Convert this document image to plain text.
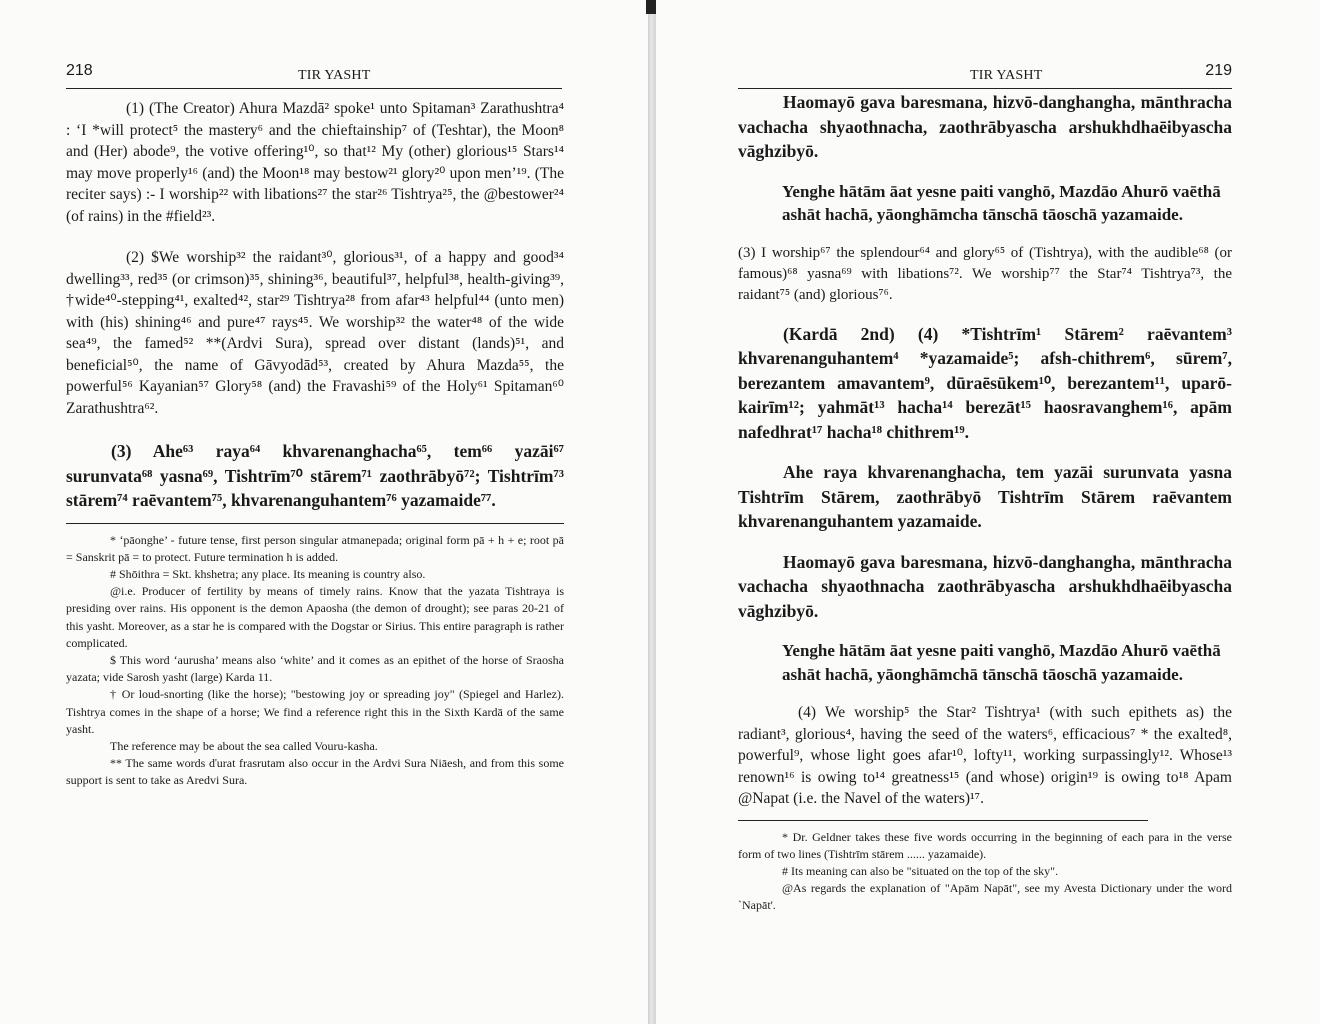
218	TIR YASHT

(1) (The Creator) Ahura Mazdā² spoke¹ unto Spitaman³ Zarathushtra⁴ : ‘I *will protect⁵ the mastery⁶ and the chieftainship⁷ of (Teshtar), the Moon⁸ and (Her) abode⁹, the votive offering¹⁰, so that¹² My (other) glorious¹⁵ Stars¹⁴ may move properly¹⁶ (and) the Moon¹⁸ may bestow²¹ glory²⁰ upon men’¹⁹. (The reciter says) :- I worship²² with libations²⁷ the star²⁶ Tishtrya²⁵, the @bestower²⁴ (of rains) in the #field²³.

(2) $We worship³² the raidant³⁰, glorious³¹, of a happy and good³⁴ dwelling³³, red³⁵ (or crimson)³⁵, shining³⁶, beautiful³⁷, helpful³⁸, health-giving³⁹, †wide⁴⁰-stepping⁴¹, exalted⁴², star²⁹ Tishtrya²⁸ from afar⁴³ helpful⁴⁴ (unto men) with (his) shining⁴⁶ and pure⁴⁷ rays⁴⁵. We worship³² the water⁴⁸ of the wide sea⁴⁹, the famed⁵² **(Ardvi Sura), spread over distant (lands)⁵¹, and beneficial⁵⁰, the name of Gāvyodād⁵³, created by Ahura Mazda⁵⁵, the powerful⁵⁶ Kayanian⁵⁷ Glory⁵⁸ (and) the Fravashi⁵⁹ of the Holy⁶¹ Spitaman⁶⁰ Zarathushtra⁶².

(3) Ahe⁶³ raya⁶⁴ khvarenanghacha⁶⁵, tem⁶⁶ yazāi⁶⁷ surunvata⁶⁸ yasna⁶⁹, Tishtrīm⁷⁰ stārem⁷¹ zaothrābyō⁷²; Tishtrīm⁷³ stārem⁷⁴ raēvantem⁷⁵, khvarenanguhantem⁷⁶ yazamaide⁷⁷.

* ‘pāonghe’ - future tense, first person singular atmanepada; original form pā + h + e; root pā = Sanskrit pā = to protect. Future termination h is added.
# Shōithra = Skt. khshetra; any place. Its meaning is country also.
@i.e. Producer of fertility by means of timely rains. Know that the yazata Tishtraya is presiding over rains. His opponent is the demon Apaosha (the demon of drought); see paras 20-21 of this yasht. Moreover, as a star he is compared with the Dogstar or Sirius. This entire paragraph is rather complicated.
$ This word ‘aurusha’ means also ‘white’ and it comes as an epithet of the horse of Sraosha yazata; vide Sarosh yasht (large) Karda 11.
† Or loud-snorting (like the horse); "bestowing joy or spreading joy" (Spiegel and Harlez). Tishtrya comes in the shape of a horse; We find a reference right this in the Sixth Kardā of the same yasht.
The reference may be about the sea called Vouru-kasha.
** The same words ďurat frasrutam also occur in the Ardvi Sura Niāesh, and from this some support is sent to take as Aredvi Sura.
TIR YASHT	219

Haomayō gava baresmana, hizvō-danghangha, mānthracha vachacha shyaothnacha, zaothrābyascha arshukhdhaēibyascha vāghzibyō.

Yenghe hātām āat yesne paiti vanghō, Mazdāo Ahurō vaēthā ashāt hachā, yāonghāmcha tānschā tāoschā yazamaide.

(3) I worship⁶⁷ the splendour⁶⁴ and glory⁶⁵ of (Tishtrya), with the audible⁶⁸ (or famous)⁶⁸ yasna⁶⁹ with libations⁷². We worship⁷⁷ the Star⁷⁴ Tishtrya⁷³, the raidant⁷⁵ (and) glorious⁷⁶.

(Kardā 2nd) (4) *Tishtrīm¹ Stārem² raēvantem³ khvarenanguhantem⁴ *yazamaide⁵; afsh-chithrem⁶, sūrem⁷, berezantem amavantem⁹, dūraēsūkem¹⁰, berezantem¹¹, uparō-kairīm¹²; yahmāt¹³ hacha¹⁴ berezāt¹⁵ haosravanghem¹⁶, apām nafedhrat¹⁷ hacha¹⁸ chithrem¹⁹.

Ahe raya khvarenanghacha, tem yazāi surunvata yasna Tishtrīm Stārem, zaothrābyō Tishtrīm Stārem raēvantem khvarenanguhantem yazamaide.

Haomayō gava baresmana, hizvō-danghangha, mānthracha vachacha shyaothnacha zaothrābyascha arshukhdhaēibyascha vāghzibyō.

Yenghe hātām āat yesne paiti vanghō, Mazdāo Ahurō vaēthā ashāt hachā, yāonghāmchā tānschā tāoschā yazamaide.

(4) We worship⁵ the Star² Tishtrya¹ (with such epithets as) the radiant³, glorious⁴, having the seed of the waters⁶, efficacious⁷ * the exalted⁸, powerful⁹, whose light goes afar¹⁰, lofty¹¹, working surpassingly¹². Whose¹³ renown¹⁶ is owing to¹⁴ greatness¹⁵ (and whose) origin¹⁹ is owing to¹⁸ Apam @Napat (i.e. the Navel of the waters)¹⁷.

* Dr. Geldner takes these five words occurring in the beginning of each para in the verse form of two lines (Tishtrīm stārem ...... yazamaide).
# Its meaning can also be "situated on the top of the sky".
@As regards the explanation of "Apām Napāt", see my Avesta Dictionary under the word `Napāt'.
